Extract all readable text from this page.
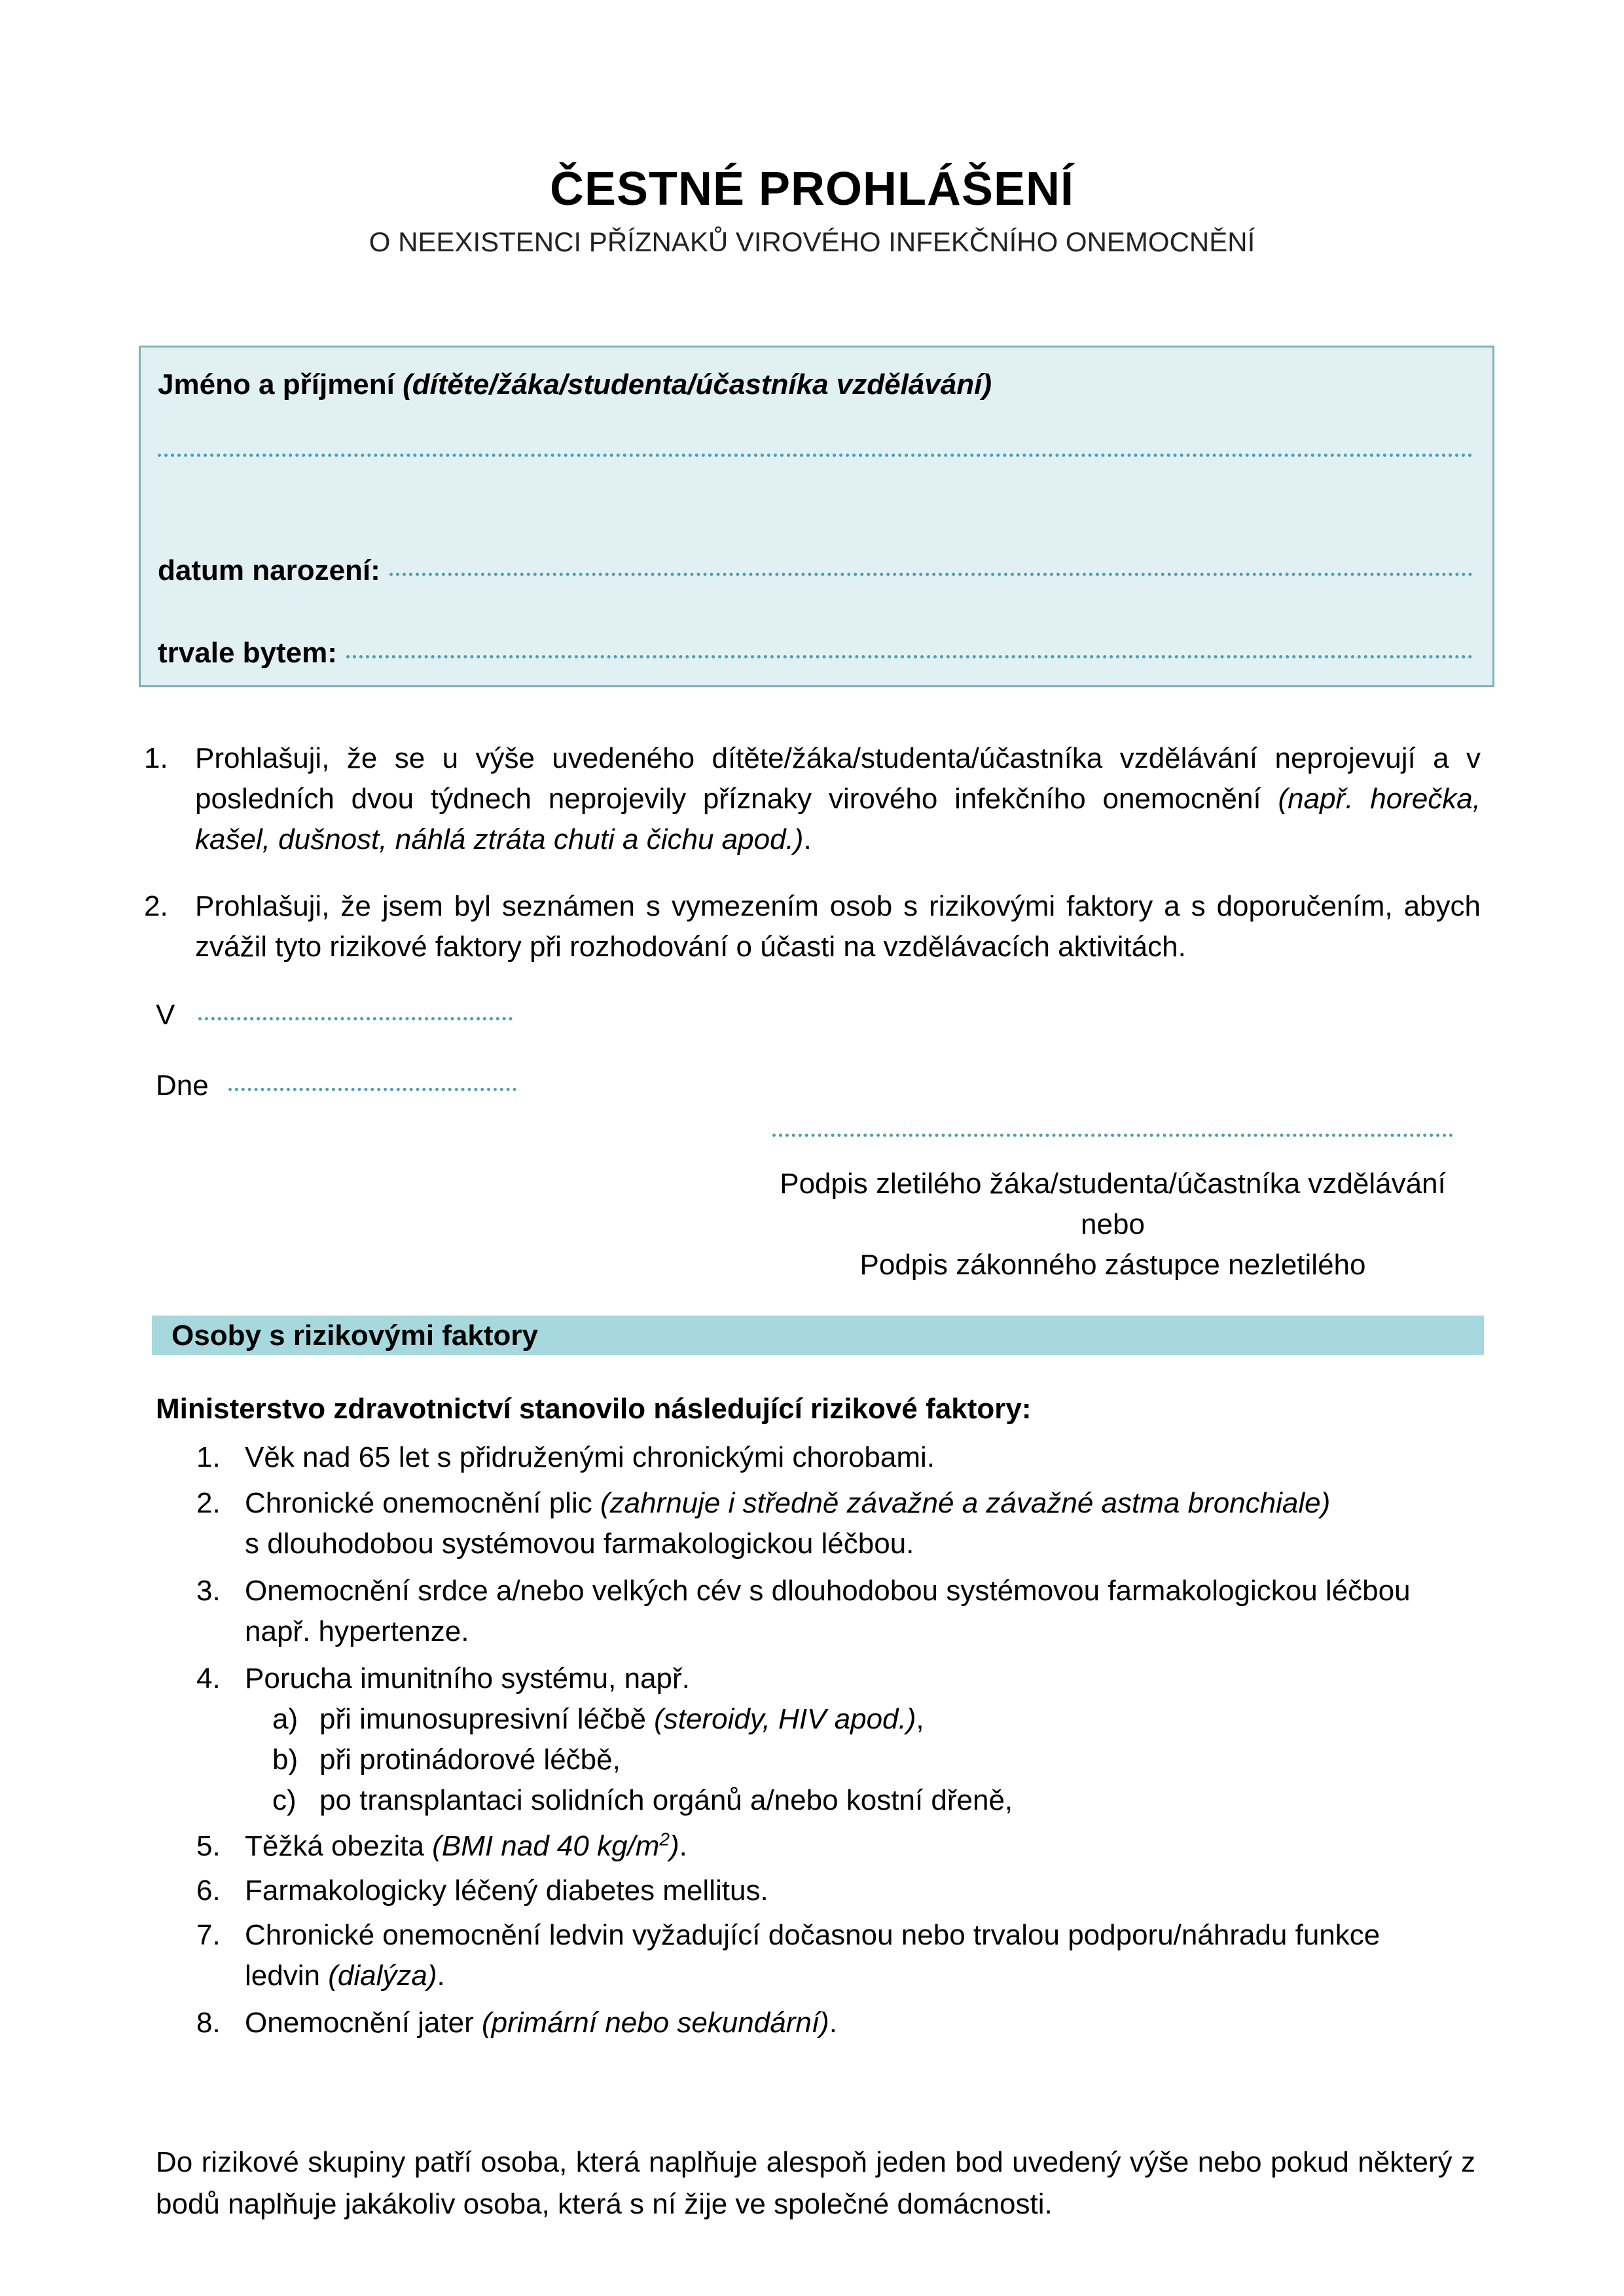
ČESTNÉ PROHLÁŠENÍ
O NEEXISTENCI PŘÍZNAKŮ VIROVÉHO INFEKČNÍHO ONEMOCNĚNÍ
Jméno a příjmení (dítěte/žáka/studenta/účastníka vzdělávání)
datum narození:
trvale bytem:
1. Prohlašuji, že se u výše uvedeného dítěte/žáka/studenta/účastníka vzdělávání neprojevují a v posledních dvou týdnech neprojevily příznaky virového infekčního onemocnění (např. horečka, kašel, dušnost, náhlá ztráta chuti a čichu apod.).
2. Prohlašuji, že jsem byl seznámen s vymezením osob s rizikovými faktory a s doporučením, abych zvážil tyto rizikové faktory při rozhodování o účasti na vzdělávacích aktivitách.
V
Dne
Podpis zletilého žáka/studenta/účastníka vzdělávání
nebo
Podpis zákonného zástupce nezletilého
Osoby s rizikovými faktory
Ministerstvo zdravotnictví stanovilo následující rizikové faktory:
1. Věk nad 65 let s přidruženými chronickými chorobami.
2. Chronické onemocnění plic (zahrnuje i středně závažné a závažné astma bronchiale)
s dlouhodobou systémovou farmakologickou léčbou.
3. Onemocnění srdce a/nebo velkých cév s dlouhodobou systémovou farmakologickou léčbou
např. hypertenze.
4. Porucha imunitního systému, např.
a) při imunosupresivní léčbě (steroidy, HIV apod.),
b) při protinádorové léčbě,
c) po transplantaci solidních orgánů a/nebo kostní dřeně,
5. Těžká obezita (BMI nad 40 $kg/m^2$).
6. Farmakologicky léčený diabetes mellitus.
7. Chronické onemocnění ledvin vyžadující dočasnou nebo trvalou podporu/náhradu funkce
ledvin (dialýza).
8. Onemocnění jater (primární nebo sekundární).
Do rizikové skupiny patří osoba, která naplňuje alespoň jeden bod uvedený výše nebo pokud některý z bodů naplňuje jakákoliv osoba, která s ní žije ve společné domácnosti.
